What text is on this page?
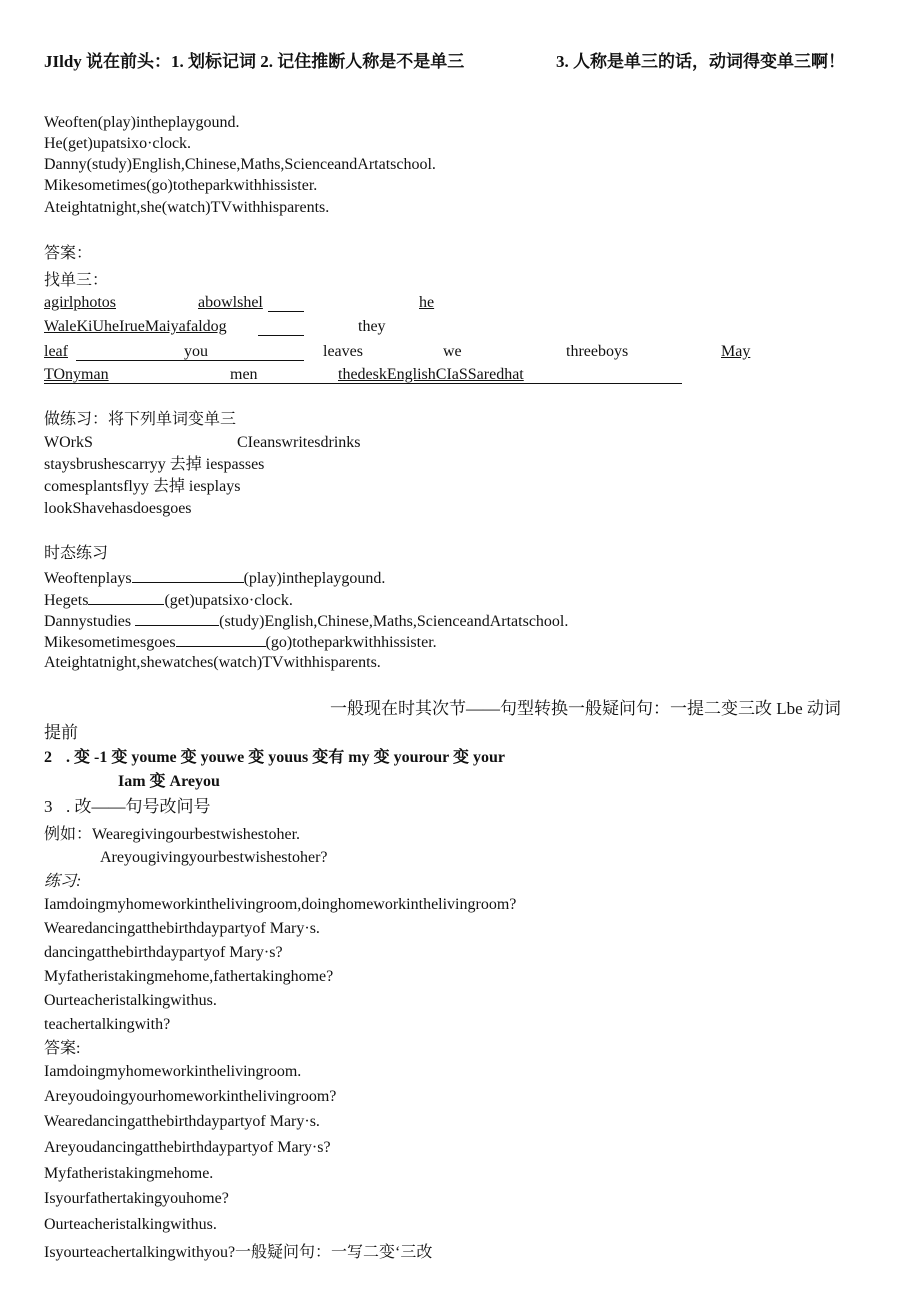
JIldy 说在前头：1. 划标记词 2. 记住推断人称是不是单三	3. 人称是单三的话，动词得变单三啊！
Weoften(play)intheplaygound.
He(get)upatsixo·clock.
Danny(study)English,Chinese,Maths,ScienceandArtatschool.
Mikesometimes(go)totheparkwithhissister.
Ateightatnight,she(watch)TVwithhisparents.
答案：
找单三：
agirlphotos	abowlshel	he
WaleKiUheIrueMaiyafaldog	they
leaf	you	leaves	we	threeboys	May
TOnyman	men	thedeskEnglishCIaSSaredhat
做练习：将下列单词变单三
WOrkS	CIeanswritesdrinks
staysbrushescarryy 去掉 iespasses
comesplantsflyy 去掉 iesplays
lookShavehasdoesgoes
时态练习
Weoftenplays	(play)intheplaygound.
Hegets	(get)upatsixo·clock.
Dannystudies	(study)English,Chinese,Maths,ScienceandArtatschool.
Mikesometimesgoes	(go)totheparkwithhissister.
Ateightatnight,shewatches(watch)TVwithhisparents.
一般现在时其次节——句型转换一般疑问句：一提二变三改 Lbe 动词
提前
2 . 变 -1 变 youme 变 youwe 变 youus 变有 my 变 yourour 变 your
Iam 变 Areyou
3 . 改——句号改问号
例如：Wearegivingourbestwishestoher.
Areyougivingyourbestwishestoher?
练习:
Iamdoingmyhomeworkinthelivingroom,doinghomeworkinthelivingroom?
Wearedancingatthebirthdaypartyof Mary·s.
dancingatthebirthdaypartyof Mary·s?
Myfatheristakingmehome,fathertakinghome?
Ourteacheristalkingwithus.
teachertalkingwith?
答案:
Iamdoingmyhomeworkinthelivingroom.
Areyoudoingyourhomeworkinthelivingroom?
Wearedancingatthebirthdaypartyof Mary·s.
Areyoudancingatthebirthdaypartyof Mary·s?
Myfatheristakingmehome.
Isyourfathertakingyouhome?
Ourteacheristalkingwithus.
Isyourteachertalkingwithyou?一般疑问句：一写二变‘三改
